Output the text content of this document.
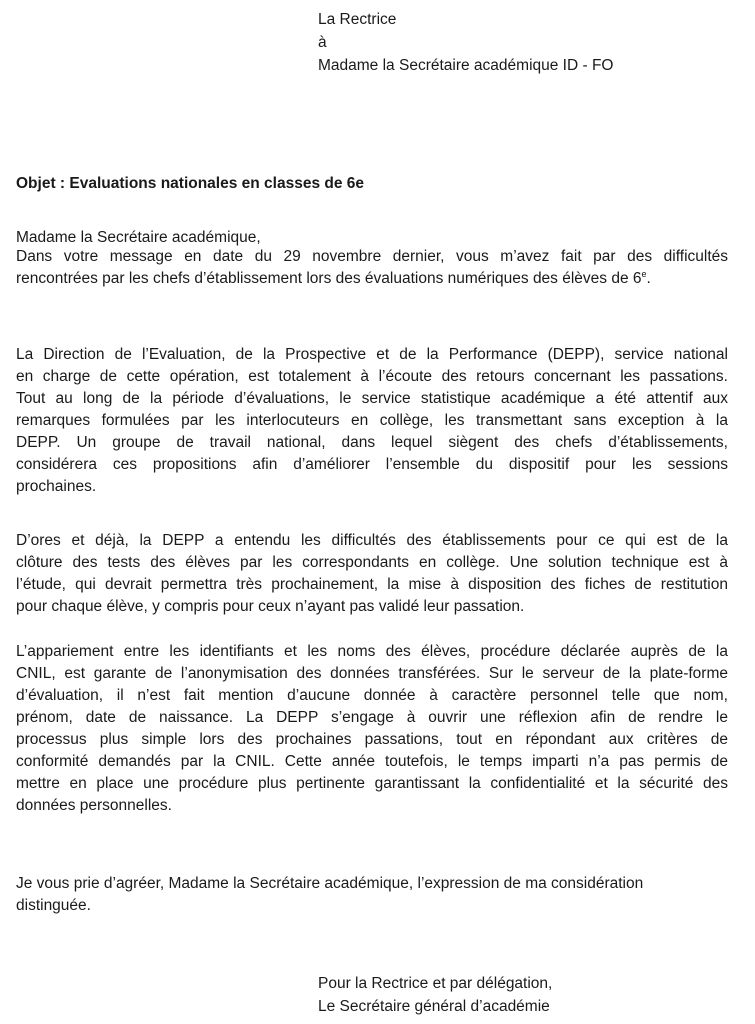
La Rectrice
à
Madame la Secrétaire académique ID - FO
Objet : Evaluations nationales en classes de 6e
Madame la Secrétaire académique,

Dans votre message en date du 29 novembre dernier, vous m’avez fait par des difficultés
rencontrées par les chefs d’établissement lors des évaluations numériques des élèves de 6e.

La Direction de l’Evaluation, de la Prospective et de la Performance (DEPP), service national
en charge de cette opération, est totalement à l’écoute des retours concernant les passations.
Tout au long de la période d’évaluations, le service statistique académique a été attentif aux
remarques formulées par les interlocuteurs en collège, les transmettant sans exception à la
DEPP. Un groupe de travail national, dans lequel siègent des chefs d’établissements,
considérera ces propositions afin d’améliorer l’ensemble du dispositif pour les sessions
prochaines.

D’ores et déjà, la DEPP a entendu les difficultés des établissements pour ce qui est de la
clôture des tests des élèves par les correspondants en collège. Une solution technique est à
l’étude, qui devrait permettra très prochainement, la mise à disposition des fiches de restitution
pour chaque élève, y compris pour ceux n’ayant pas validé leur passation.

L’appariement entre les identifiants et les noms des élèves, procédure déclarée auprès de la
CNIL, est garante de l’anonymisation des données transférées. Sur le serveur de la plate-forme
d’évaluation, il n’est fait mention d’aucune donnée à caractère personnel telle que nom,
prénom, date de naissance. La DEPP s’engage à ouvrir une réflexion afin de rendre le
processus plus simple lors des prochaines passations, tout en répondant aux critères de
conformité demandés par la CNIL. Cette année toutefois, le temps imparti n’a pas permis de
mettre en place une procédure plus pertinente garantissant la confidentialité et la sécurité des
données personnelles.

Je vous prie d’agréer, Madame la Secrétaire académique, l’expression de ma considération
distinguée.

Pour la Rectrice et par délégation,
Le Secrétaire général d’académie
